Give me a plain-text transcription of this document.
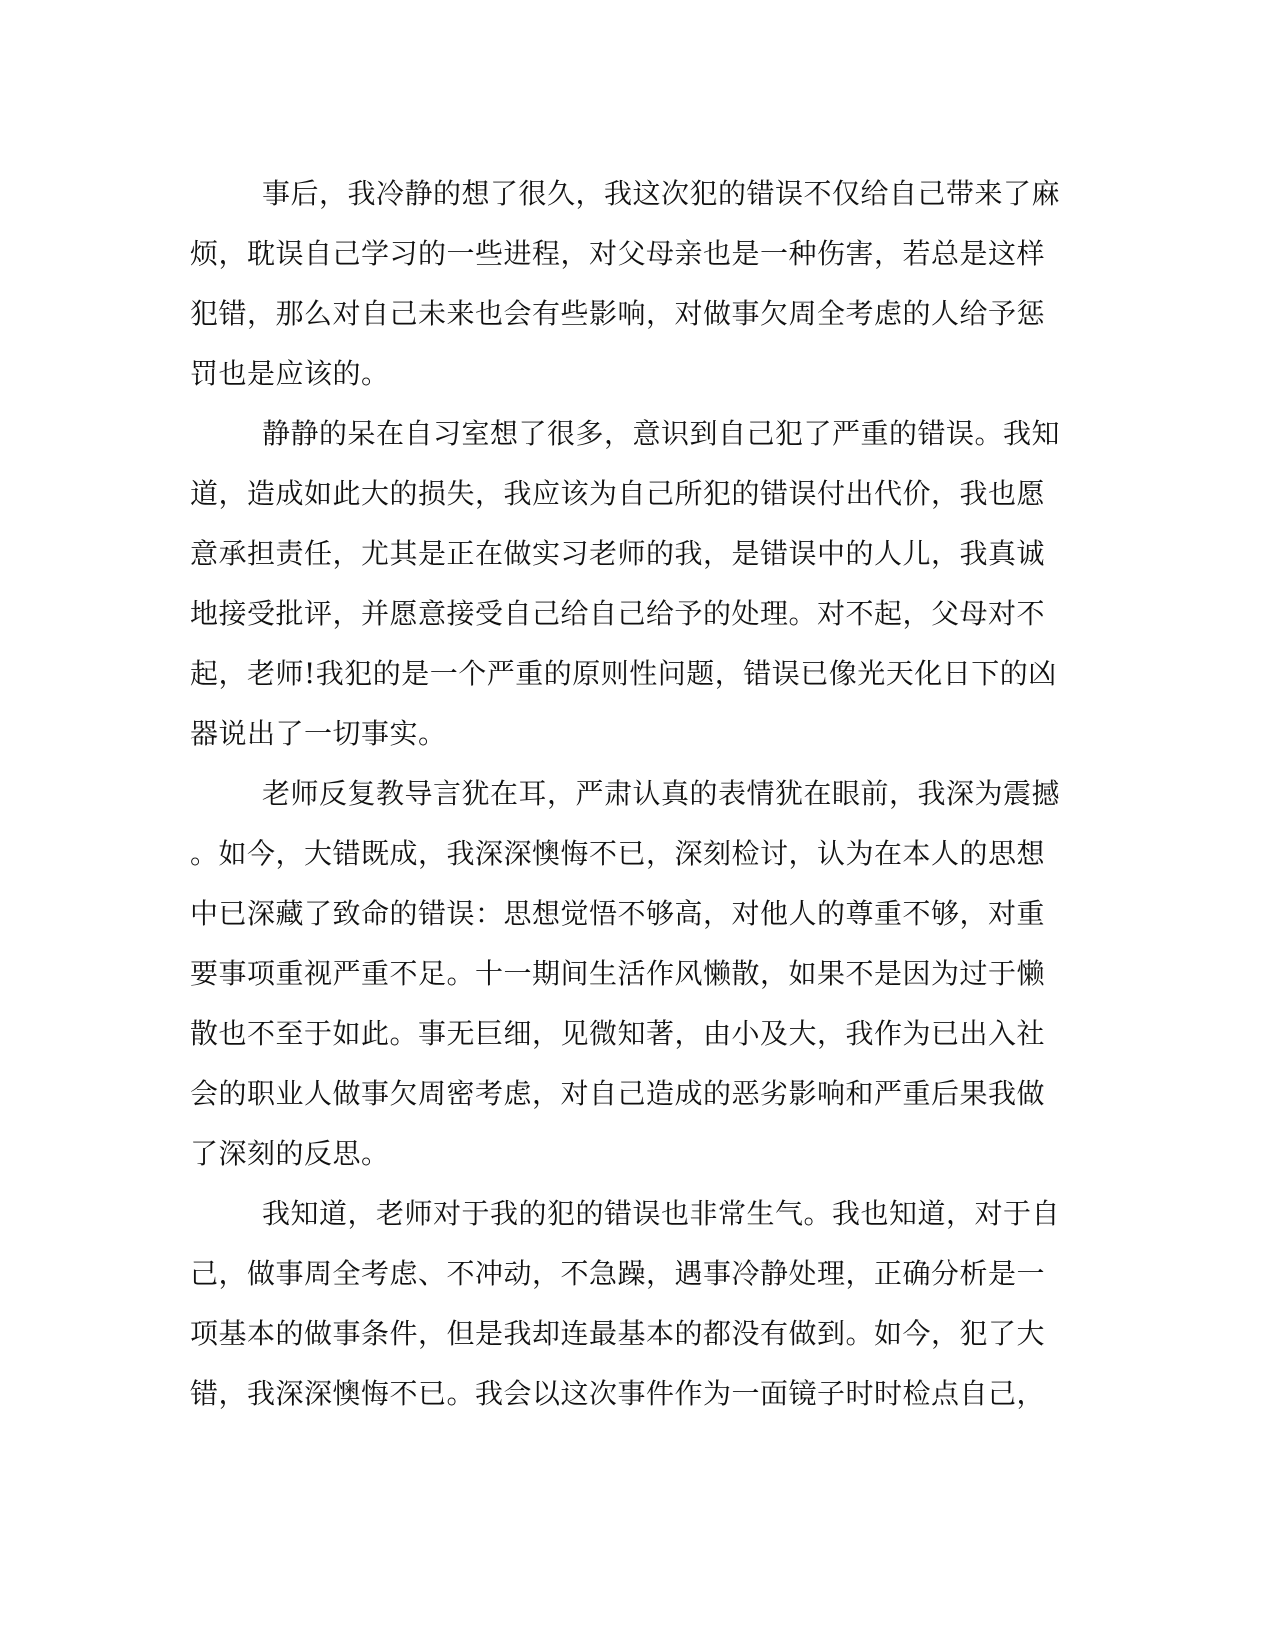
事后，我冷静的想了很久，我这次犯的错误不仅给自己带来了麻
烦，耽误自己学习的一些进程，对父母亲也是一种伤害，若总是这样
犯错，那么对自己未来也会有些影响，对做事欠周全考虑的人给予惩
罚也是应该的。
静静的呆在自习室想了很多，意识到自己犯了严重的错误。我知
道，造成如此大的损失，我应该为自己所犯的错误付出代价，我也愿
意承担责任，尤其是正在做实习老师的我，是错误中的人儿，我真诚
地接受批评，并愿意接受自己给自己给予的处理。对不起，父母对不
起，老师!我犯的是一个严重的原则性问题，错误已像光天化日下的凶
器说出了一切事实。
老师反复教导言犹在耳，严肃认真的表情犹在眼前，我深为震撼
。如今，大错既成，我深深懊悔不已，深刻检讨，认为在本人的思想
中已深藏了致命的错误：思想觉悟不够高，对他人的尊重不够，对重
要事项重视严重不足。十一期间生活作风懒散，如果不是因为过于懒
散也不至于如此。事无巨细，见微知著，由小及大，我作为已出入社
会的职业人做事欠周密考虑，对自己造成的恶劣影响和严重后果我做
了深刻的反思。
我知道，老师对于我的犯的错误也非常生气。我也知道，对于自
己，做事周全考虑、不冲动，不急躁，遇事冷静处理，正确分析是一
项基本的做事条件，但是我却连最基本的都没有做到。如今，犯了大
错，我深深懊悔不已。我会以这次事件作为一面镜子时时检点自己，
